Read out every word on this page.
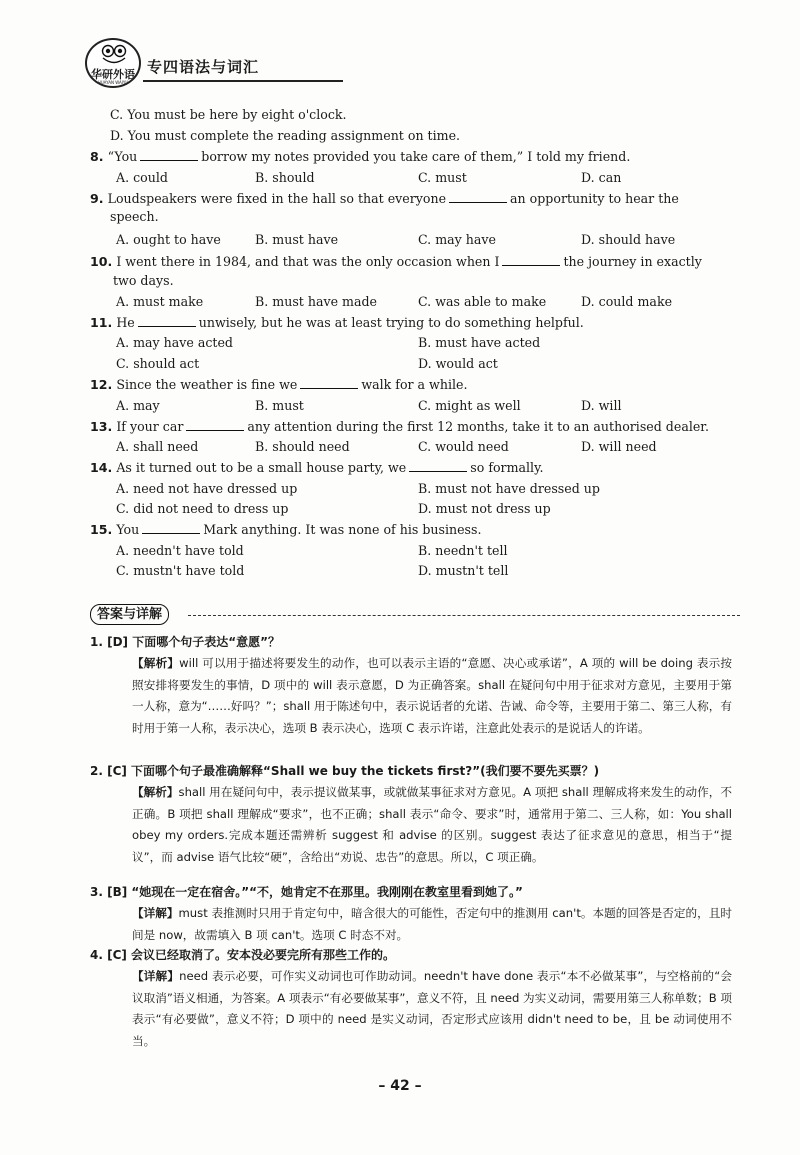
华研外语
HUAYAN WAIYU
专四语法与词汇
C. You must be here by eight o'clock.
D. You must complete the reading assignment on time.
8. “You	borrow my notes provided you take care of them,” I told my friend.
A. could	B. should	C. must	D. can
9. Loudspeakers were fixed in the hall so that everyone	an opportunity to hear the
speech.
A. ought to have	B. must have	C. may have	D. should have
10. I went there in 1984, and that was the only occasion when I	the journey in exactly
two days.
A. must make	B. must have made	C. was able to make	D. could make
11. He	unwisely, but he was at least trying to do something helpful.
A. may have acted	B. must have acted
C. should act	D. would act
12. Since the weather is fine we	walk for a while.
A. may	B. must	C. might as well	D. will
13. If your car	any attention during the first 12 months, take it to an authorised dealer.
A. shall need	B. should need	C. would need	D. will need
14. As it turned out to be a small house party, we	so formally.
A. need not have dressed up	B. must not have dressed up
C. did not need to dress up	D. must not dress up
15. You	Mark anything. It was none of his business.
A. needn't have told	B. needn't tell
C. mustn't have told	D. mustn't tell
答案与详解
1. [D] 下面哪个句子表达“意愿”？
【解析】will 可以用于描述将要发生的动作，也可以表示主语的“意愿、决心或承诺”，A 项的 will be doing 表示按照安排将要发生的事情，D 项中的 will 表示意愿，D 为正确答案。shall 在疑问句中用于征求对方意见，主要用于第一人称，意为“……好吗？”；shall 用于陈述句中，表示说话者的允诺、告诫、命令等，主要用于第二、第三人称，有时用于第一人称，表示决心，选项 B 表示决心，选项 C 表示许诺，注意此处表示的是说话人的许诺。
2. [C] 下面哪个句子最准确解释“Shall we buy the tickets first?”(我们要不要先买票？)
【解析】shall 用在疑问句中，表示提议做某事，或就做某事征求对方意见。A 项把 shall 理解成将来发生的动作，不正确。B 项把 shall 理解成“要求”，也不正确；shall 表示“命令、要求”时，通常用于第二、三人称，如：You shall obey my orders.完成本题还需辨析 suggest 和 advise 的区别。suggest 表达了征求意见的意思，相当于“提议”，而 advise 语气比较“硬”，含给出“劝说、忠告”的意思。所以，C 项正确。
3. [B] “她现在一定在宿舍。”“不，她肯定不在那里。我刚刚在教室里看到她了。”
【详解】must 表推测时只用于肯定句中，暗含很大的可能性，否定句中的推测用 can't。本题的回答是否定的，且时间是 now，故需填入 B 项 can't。选项 C 时态不对。
4. [C] 会议已经取消了。安本没必要完所有那些工作的。
【详解】need 表示必要，可作实义动词也可作助动词。needn't have done 表示“本不必做某事”，与空格前的“会议取消”语义相通，为答案。A 项表示“有必要做某事”，意义不符，且 need 为实义动词，需要用第三人称单数；B 项表示“有必要做”，意义不符；D 项中的 need 是实义动词，否定形式应该用 didn't need to be，且 be 动词使用不当。
– 42 –
